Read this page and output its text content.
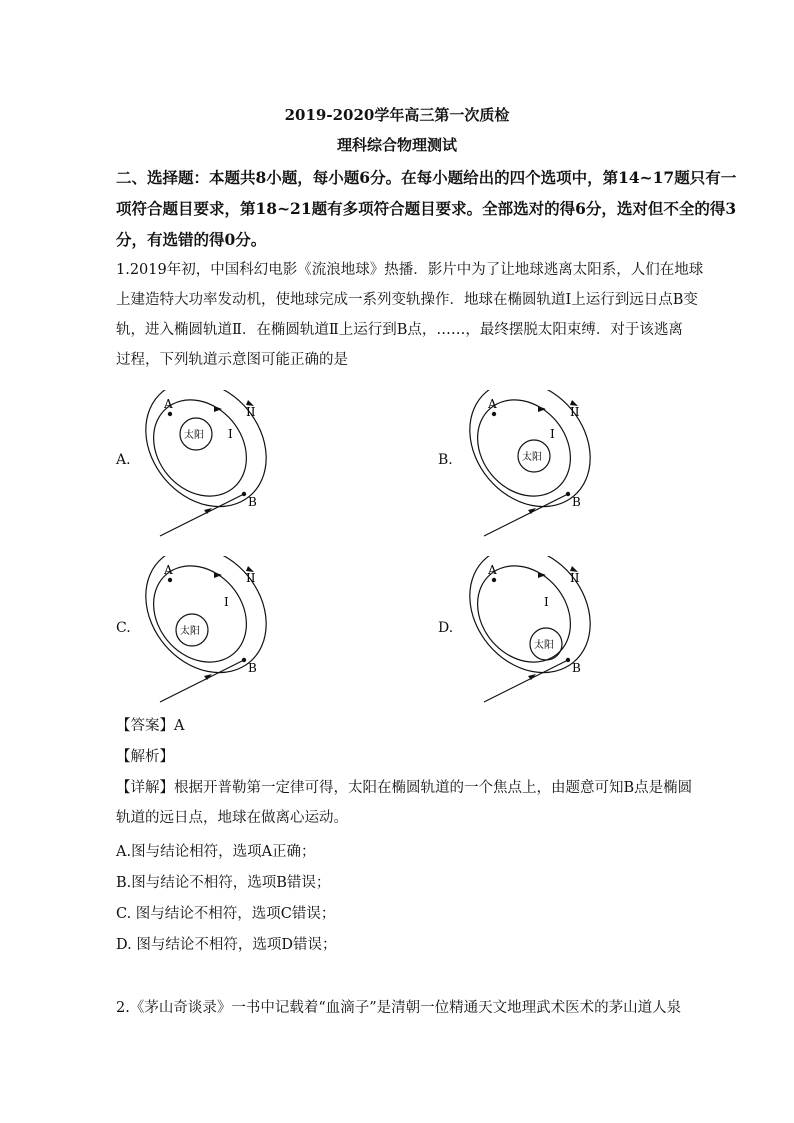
2019-2020学年高三第一次质检
理科综合物理测试
二、选择题：本题共8小题，每小题6分。在每小题给出的四个选项中，第14~17题只有一
项符合题目要求，第18~21题有多项符合题目要求。全部选对的得6分，选对但不全的得3
分，有选错的得0分。
1.2019年初，中国科幻电影《流浪地球》热播．影片中为了让地球逃离太阳系，人们在地球
上建造特大功率发动机，使地球完成一系列变轨操作．地球在椭圆轨道Ⅰ上运行到远日点B变
轨，进入椭圆轨道Ⅱ．在椭圆轨道Ⅱ上运行到B点，……，最终摆脱太阳束缚．对于该逃离
过程，下列轨道示意图可能正确的是
A.
A
B
I
II
太阳
B.
A
B
I
II
太阳
C.
A
B
I
II
太阳	D.
A
B
I
II
太阳
【答案】A
【解析】
【详解】根据开普勒第一定律可得，太阳在椭圆轨道的一个焦点上，由题意可知B点是椭圆
轨道的远日点，地球在做离心运动。
A.图与结论相符，选项A正确；
B.图与结论不相符，选项B错误；
C. 图与结论不相符，选项C错误；
D. 图与结论不相符，选项D错误；
2.《茅山奇谈录》一书中记载着“血滴子”是清朝一位精通天文地理武术医术的茅山道人泉
